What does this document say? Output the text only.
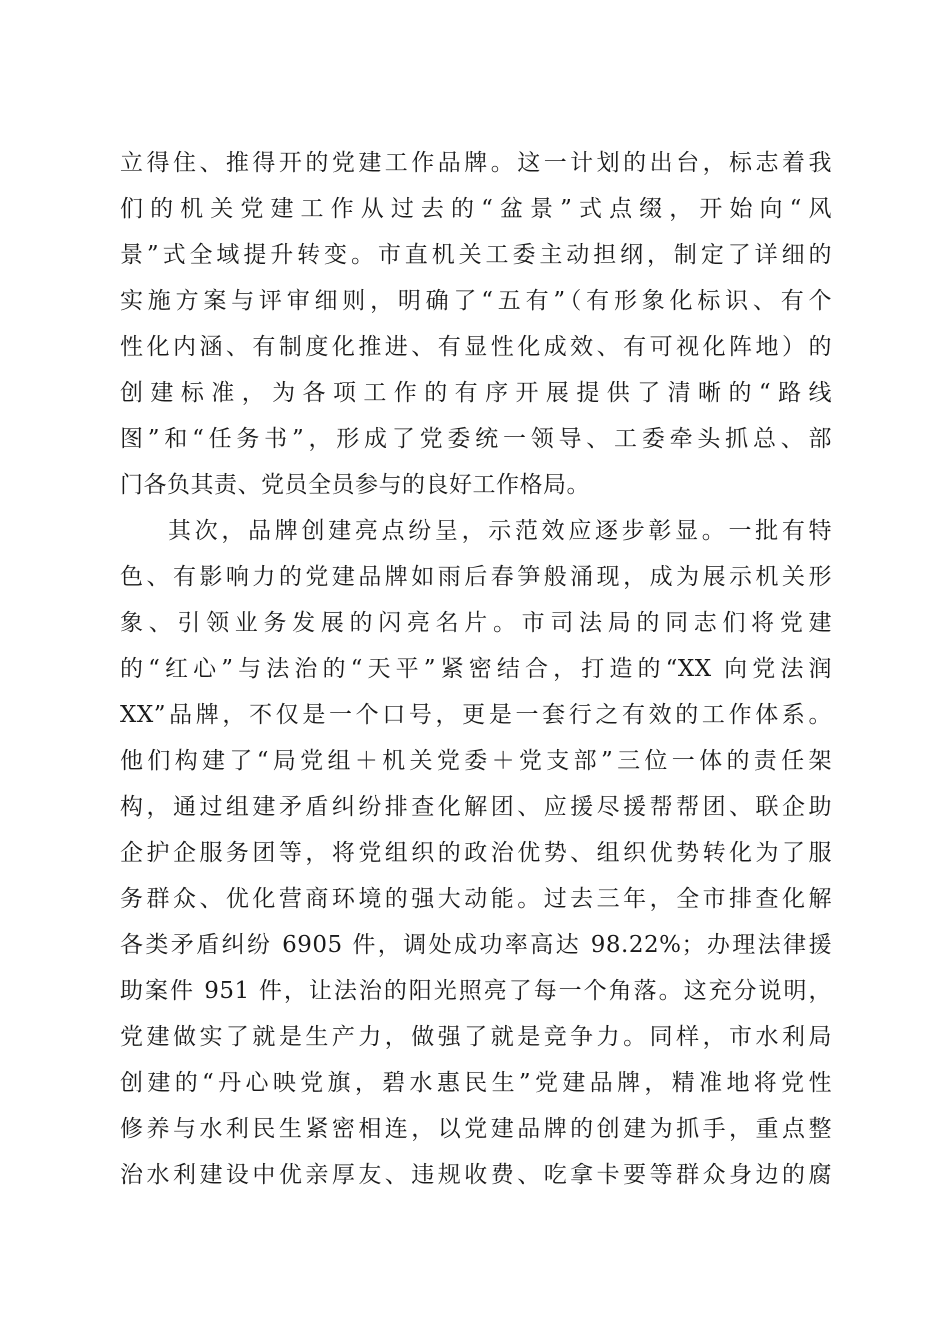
立得住、推得开的党建工作品牌。这一计划的出台，标志着我
们的机关党建工作从过去的“盆景”式点缀，开始向“风
景”式全域提升转变。市直机关工委主动担纲，制定了详细的
实施方案与评审细则，明确了“五有”（有形象化标识、有个
性化内涵、有制度化推进、有显性化成效、有可视化阵地）的
创建标准，为各项工作的有序开展提供了清晰的“路线
图”和“任务书”，形成了党委统一领导、工委牵头抓总、部
门各负其责、党员全员参与的良好工作格局。
其次，品牌创建亮点纷呈，示范效应逐步彰显。一批有特
色、有影响力的党建品牌如雨后春笋般涌现，成为展示机关形
象、引领业务发展的闪亮名片。市司法局的同志们将党建
的“红心”与法治的“天平”紧密结合，打造的“XX 向党法润
XX”品牌，不仅是一个口号，更是一套行之有效的工作体系。
他们构建了“局党组＋机关党委＋党支部”三位一体的责任架
构，通过组建矛盾纠纷排查化解团、应援尽援帮帮团、联企助
企护企服务团等，将党组织的政治优势、组织优势转化为了服
务群众、优化营商环境的强大动能。过去三年，全市排查化解
各类矛盾纠纷 6905 件，调处成功率高达 98.22%；办理法律援
助案件 951 件，让法治的阳光照亮了每一个角落。这充分说明，
党建做实了就是生产力，做强了就是竞争力。同样，市水利局
创建的“丹心映党旗，碧水惠民生”党建品牌，精准地将党性
修养与水利民生紧密相连，以党建品牌的创建为抓手，重点整
治水利建设中优亲厚友、违规收费、吃拿卡要等群众身边的腐
